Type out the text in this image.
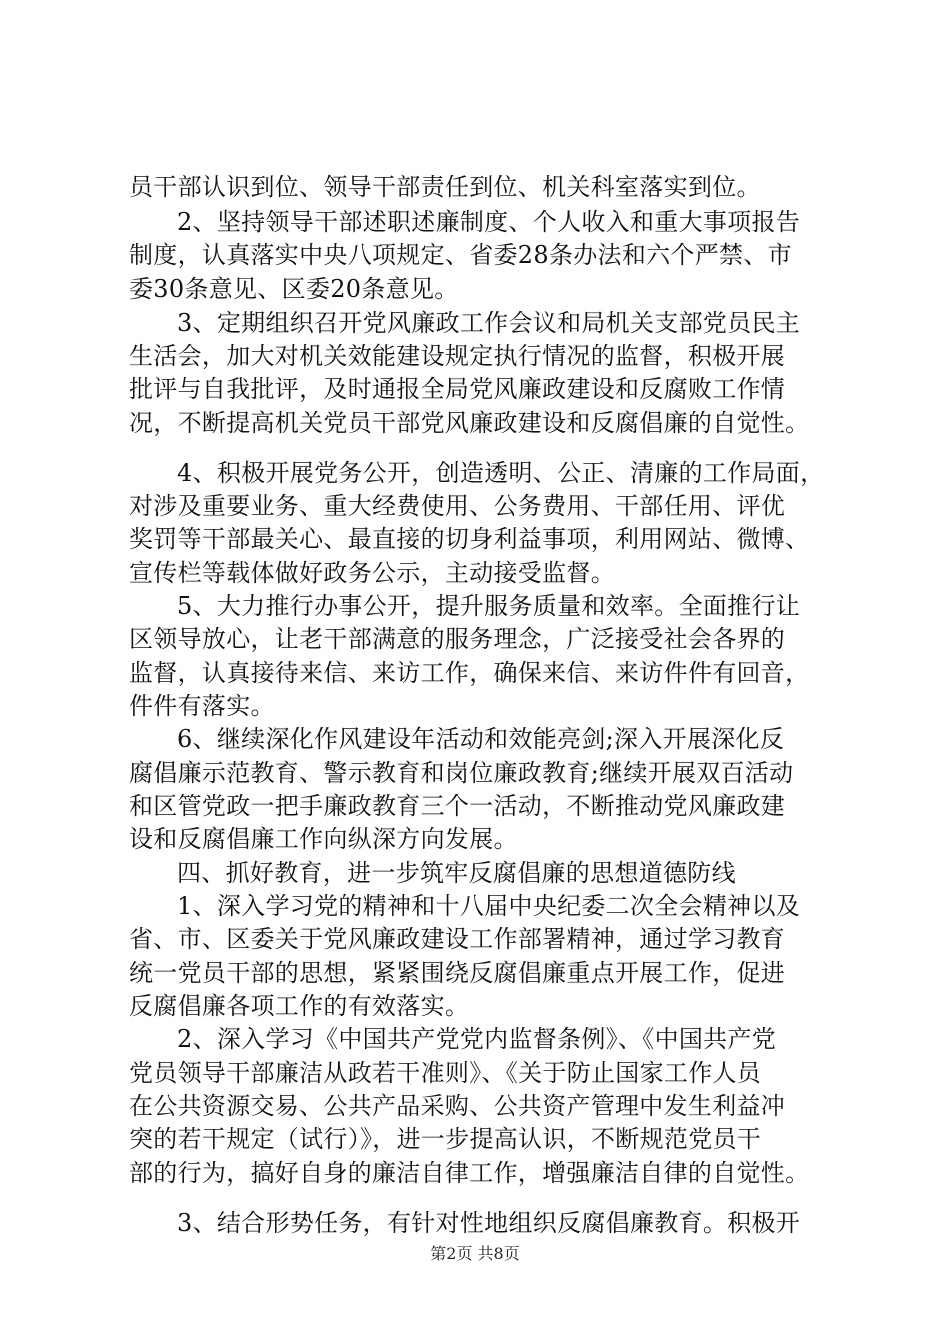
员干部认识到位、领导干部责任到位、机关科室落实到位。
2、坚持领导干部述职述廉制度、个人收入和重大事项报告
制度，认真落实中央八项规定、省委28条办法和六个严禁、市
委30条意见、区委20条意见。
3、定期组织召开党风廉政工作会议和局机关支部党员民主
生活会，加大对机关效能建设规定执行情况的监督，积极开展
批评与自我批评，及时通报全局党风廉政建设和反腐败工作情
况，不断提高机关党员干部党风廉政建设和反腐倡廉的自觉性。
4、积极开展党务公开，创造透明、公正、清廉的工作局面，
对涉及重要业务、重大经费使用、公务费用、干部任用、评优
奖罚等干部最关心、最直接的切身利益事项，利用网站、微博、
宣传栏等载体做好政务公示，主动接受监督。
5、大力推行办事公开，提升服务质量和效率。全面推行让
区领导放心，让老干部满意的服务理念，广泛接受社会各界的
监督，认真接待来信、来访工作，确保来信、来访件件有回音，
件件有落实。
6、继续深化作风建设年活动和效能亮剑;深入开展深化反
腐倡廉示范教育、警示教育和岗位廉政教育;继续开展双百活动
和区管党政一把手廉政教育三个一活动，不断推动党风廉政建
设和反腐倡廉工作向纵深方向发展。
四、抓好教育，进一步筑牢反腐倡廉的思想道德防线
1、深入学习党的精神和十八届中央纪委二次全会精神以及
省、市、区委关于党风廉政建设工作部署精神，通过学习教育
统一党员干部的思想，紧紧围绕反腐倡廉重点开展工作，促进
反腐倡廉各项工作的有效落实。
2、深入学习《中国共产党党内监督条例》、《中国共产党
党员领导干部廉洁从政若干准则》、《关于防止国家工作人员
在公共资源交易、公共产品采购、公共资产管理中发生利益冲
突的若干规定（试行）》，进一步提高认识，不断规范党员干
部的行为，搞好自身的廉洁自律工作，增强廉洁自律的自觉性。
3、结合形势任务，有针对性地组织反腐倡廉教育。积极开
第2页 共8页
